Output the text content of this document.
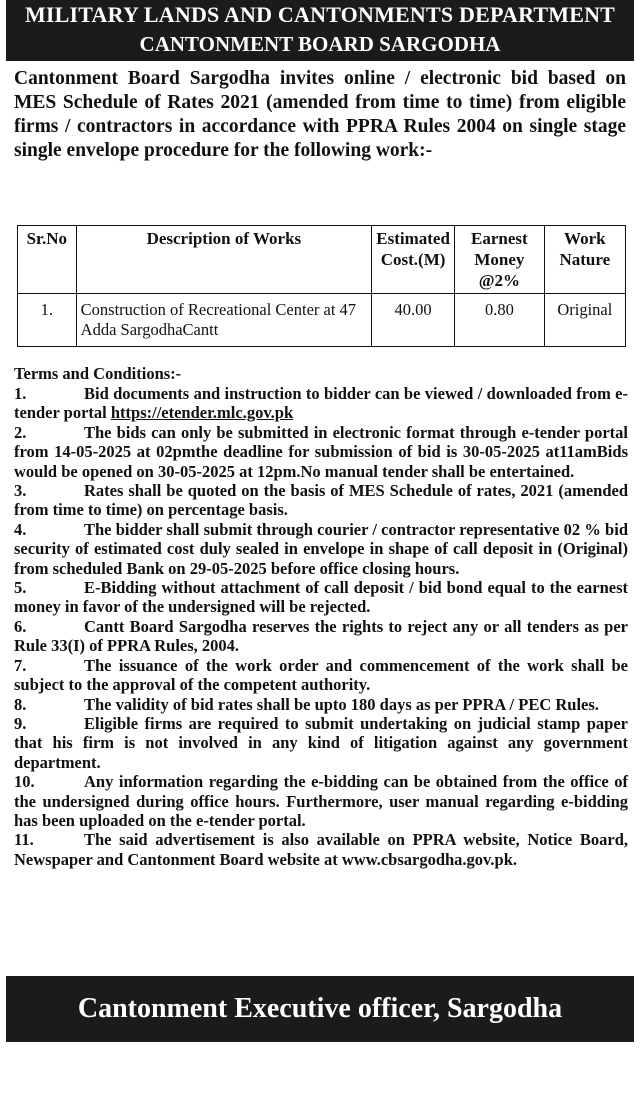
MILITARY LANDS AND CANTONMENTS DEPARTMENT
CANTONMENT BOARD SARGODHA
Cantonment Board Sargodha invites online / electronic bid based on MES Schedule of Rates 2021 (amended from time to time) from eligible firms / contractors in accordance with PPRA Rules 2004 on single stage single envelope procedure for the following work:-
Sr.No	Description of Works	Estimated Cost.(M)	Earnest Money @2%	Work Nature
1.	Construction of Recreational Center at 47 Adda SargodhaCantt	40.00	0.80	Original
Terms and Conditions:-
1.	Bid documents and instruction to bidder can be viewed / downloaded from e-tender portal https://etender.mlc.gov.pk
2.	The bids can only be submitted in electronic format through e-tender portal from 14-05-2025 at 02pmthe deadline for submission of bid is 30-05-2025 at11amBids would be opened on 30-05-2025 at 12pm.No manual tender shall be entertained.
3.	Rates shall be quoted on the basis of MES Schedule of rates, 2021 (amended from time to time) on percentage basis.
4.	The bidder shall submit through courier / contractor representative 02 % bid security of estimated cost duly sealed in envelope in shape of call deposit in (Original) from scheduled Bank on 29-05-2025 before office closing hours.
5.	E-Bidding without attachment of call deposit / bid bond equal to the earnest money in favor of the undersigned will be rejected.
6.	Cantt Board Sargodha reserves the rights to reject any or all tenders as per Rule 33(I) of PPRA Rules, 2004.
7.	The issuance of the work order and commencement of the work shall be subject to the approval of the competent authority.
8.	The validity of bid rates shall be upto 180 days as per PPRA / PEC Rules.
9.	Eligible firms are required to submit undertaking on judicial stamp paper that his firm is not involved in any kind of litigation against any government department.
10.	Any information regarding the e-bidding can be obtained from the office of the undersigned during office hours. Furthermore, user manual regarding e-bidding has been uploaded on the e-tender portal.
11.	The said advertisement is also available on PPRA website, Notice Board, Newspaper and Cantonment Board website at www.cbsargodha.gov.pk.
Cantonment Executive officer, Sargodha Cantonment
